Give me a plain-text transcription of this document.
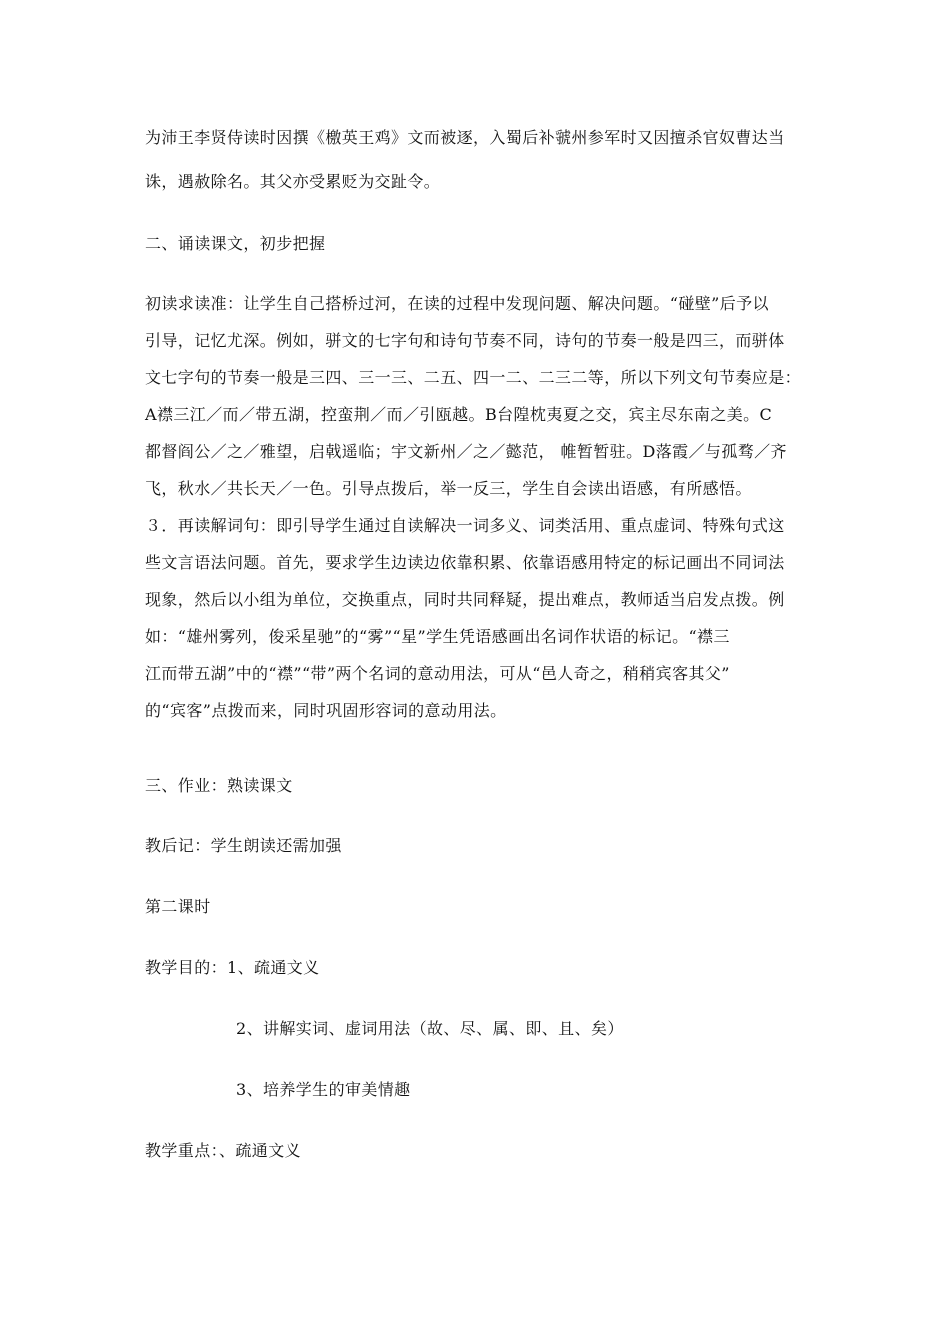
为沛王李贤侍读时因撰《檄英王鸡》文而被逐，入蜀后补虢州参军时又因擅杀官奴曹达当
诛，遇赦除名。其父亦受累贬为交趾令。
二、诵读课文，初步把握
初读求读准：让学生自己搭桥过河，在读的过程中发现问题、解决问题。“碰壁”后予以
引导，记忆尤深。例如，骈文的七字句和诗句节奏不同，诗句的节奏一般是四三，而骈体
文七字句的节奏一般是三四、三一三、二五、四一二、二三二等，所以下列文句节奏应是：
A襟三江／而／带五湖，控蛮荆／而／引瓯越。B台隍枕夷夏之交，宾主尽东南之美。C
都督阎公／之／雅望，启戟遥临；宇文新州／之／懿范， 帷暂暂驻。D落霞／与孤骛／齐
飞，秋水／共长天／一色。引导点拨后，举一反三，学生自会读出语感，有所感悟。
３．再读解词句：即引导学生通过自读解决一词多义、词类活用、重点虚词、特殊句式这
些文言语法问题。首先，要求学生边读边依靠积累、依靠语感用特定的标记画出不同词法
现象，然后以小组为单位，交换重点，同时共同释疑，提出难点，教师适当启发点拨。例
如：“雄州雾列，俊采星驰”的“雾”“星”学生凭语感画出名词作状语的标记。“襟三
江而带五湖”中的“襟”“带”两个名词的意动用法，可从“邑人奇之，稍稍宾客其父”
的“宾客”点拨而来，同时巩固形容词的意动用法。
三、作业：熟读课文
教后记：学生朗读还需加强
第二课时
教学目的：1、疏通文义
2、讲解实词、虚词用法（故、尽、属、即、且、矣）
3、培养学生的审美情趣
教学重点：、疏通文义
